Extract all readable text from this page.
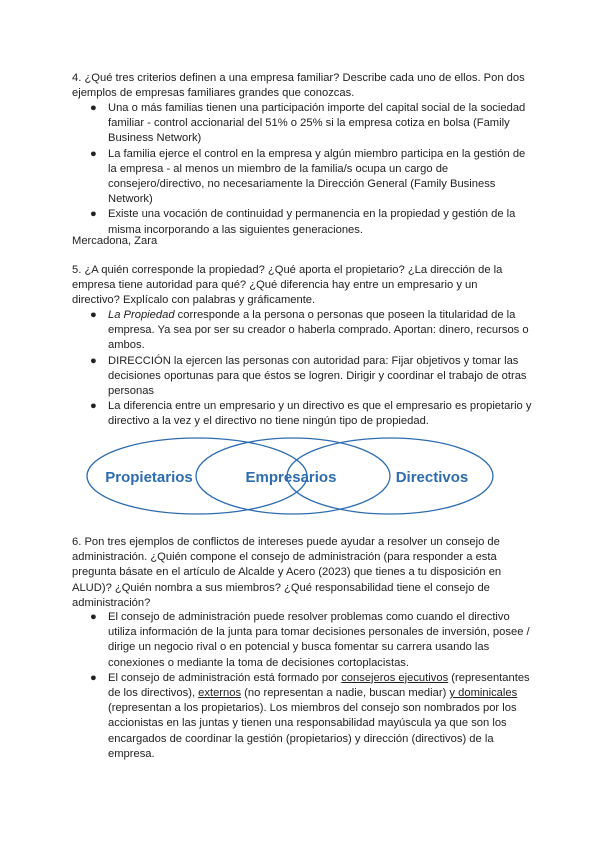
4. ¿Qué tres criterios definen a una empresa familiar? Describe cada uno de ellos. Pon dos ejemplos de empresas familiares grandes que conozcas.

● Una o más familias tienen una participación importe del capital social de la sociedad familiar - control accionarial del 51% o 25% si la empresa cotiza en bolsa (Family Business Network)
● La familia ejerce el control en la empresa y algún miembro participa en la gestión de la empresa - al menos un miembro de la familia/s ocupa un cargo de consejero/directivo, no necesariamente la Dirección General (Family Business Network)
● Existe una vocación de continuidad y permanencia en la propiedad y gestión de la misma incorporando a las siguientes generaciones.

Mercadona, Zara

5. ¿A quién corresponde la propiedad? ¿Qué aporta el propietario? ¿La dirección de la empresa tiene autoridad para qué? ¿Qué diferencia hay entre un empresario y un directivo? Explícalo con palabras y gráficamente.

● La Propiedad corresponde a la persona o personas que poseen la titularidad de la empresa. Ya sea por ser su creador o haberla comprado. Aportan: dinero, recursos o ambos.
● DIRECCIÓN la ejercen las personas con autoridad para: Fijar objetivos y tomar las decisiones oportunas para que éstos se logren. Dirigir y coordinar el trabajo de otras personas
● La diferencia entre un empresario y un directivo es que el empresario es propietario y directivo a la vez y el directivo no tiene ningún tipo de propiedad.
Propietarios	Empresarios	Directivos

6. Pon tres ejemplos de conflictos de intereses puede ayudar a resolver un consejo de administración. ¿Quién compone el consejo de administración (para responder a esta pregunta básate en el artículo de Alcalde y Acero (2023) que tienes a tu disposición en ALUD)? ¿Quién nombra a sus miembros? ¿Qué responsabilidad tiene el consejo de administración?

● El consejo de administración puede resolver problemas como cuando el directivo utiliza información de la junta para tomar decisiones personales de inversión, posee / dirige un negocio rival o en potencial y busca fomentar su carrera usando las conexiones o mediante la toma de decisiones cortoplacistas.
● El consejo de administración está formado por consejeros ejecutivos (representantes de los directivos), externos (no representan a nadie, buscan mediar) y dominicales (representan a los propietarios). Los miembros del consejo son nombrados por los accionistas en las juntas y tienen una responsabilidad mayúscula ya que son los encargados de coordinar la gestión (propietarios) y dirección (directivos) de la empresa.
